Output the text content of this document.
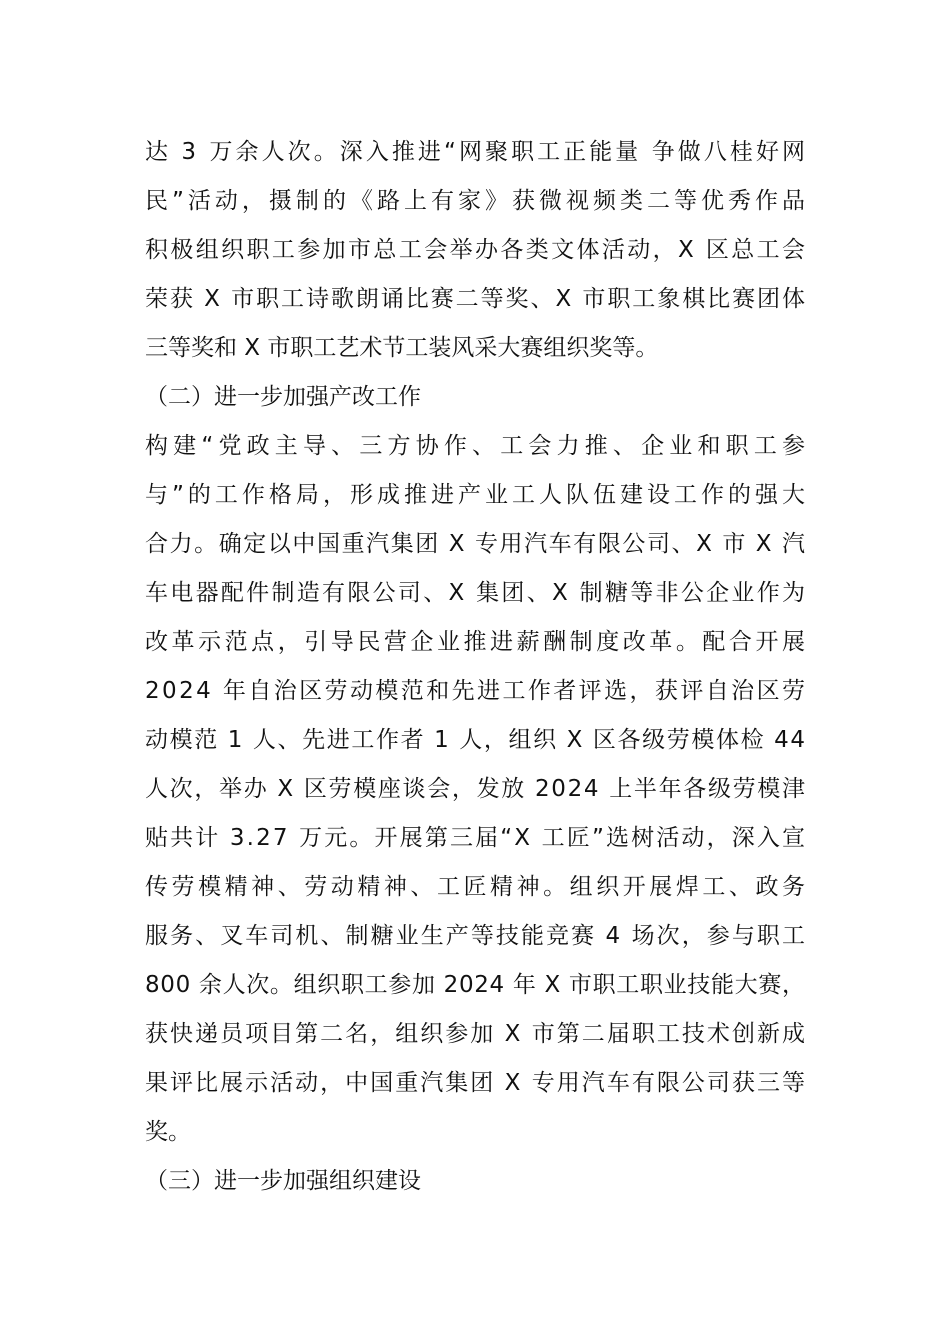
达 3 万余人次。深入推进“网聚职工正能量 争做八桂好网
民”活动，摄制的《路上有家》获微视频类二等优秀作品
积极组织职工参加市总工会举办各类文体活动，X 区总工会
荣获 X 市职工诗歌朗诵比赛二等奖、X 市职工象棋比赛团体
三等奖和 X 市职工艺术节工装风采大赛组织奖等。
（二）进一步加强产改工作
构建“党政主导、三方协作、工会力推、企业和职工参
与”的工作格局，形成推进产业工人队伍建设工作的强大
合力。确定以中国重汽集团 X 专用汽车有限公司、X 市 X 汽
车电器配件制造有限公司、X 集团、X 制糖等非公企业作为
改革示范点，引导民营企业推进薪酬制度改革。配合开展
2024 年自治区劳动模范和先进工作者评选，获评自治区劳
动模范 1 人、先进工作者 1 人，组织 X 区各级劳模体检 44
人次，举办 X 区劳模座谈会，发放 2024 上半年各级劳模津
贴共计 3.27 万元。开展第三届“X 工匠”选树活动，深入宣
传劳模精神、劳动精神、工匠精神。组织开展焊工、政务
服务、叉车司机、制糖业生产等技能竞赛 4 场次，参与职工
800 余人次。组织职工参加 2024 年 X 市职工职业技能大赛，
获快递员项目第二名，组织参加 X 市第二届职工技术创新成
果评比展示活动，中国重汽集团 X 专用汽车有限公司获三等
奖。
（三）进一步加强组织建设
